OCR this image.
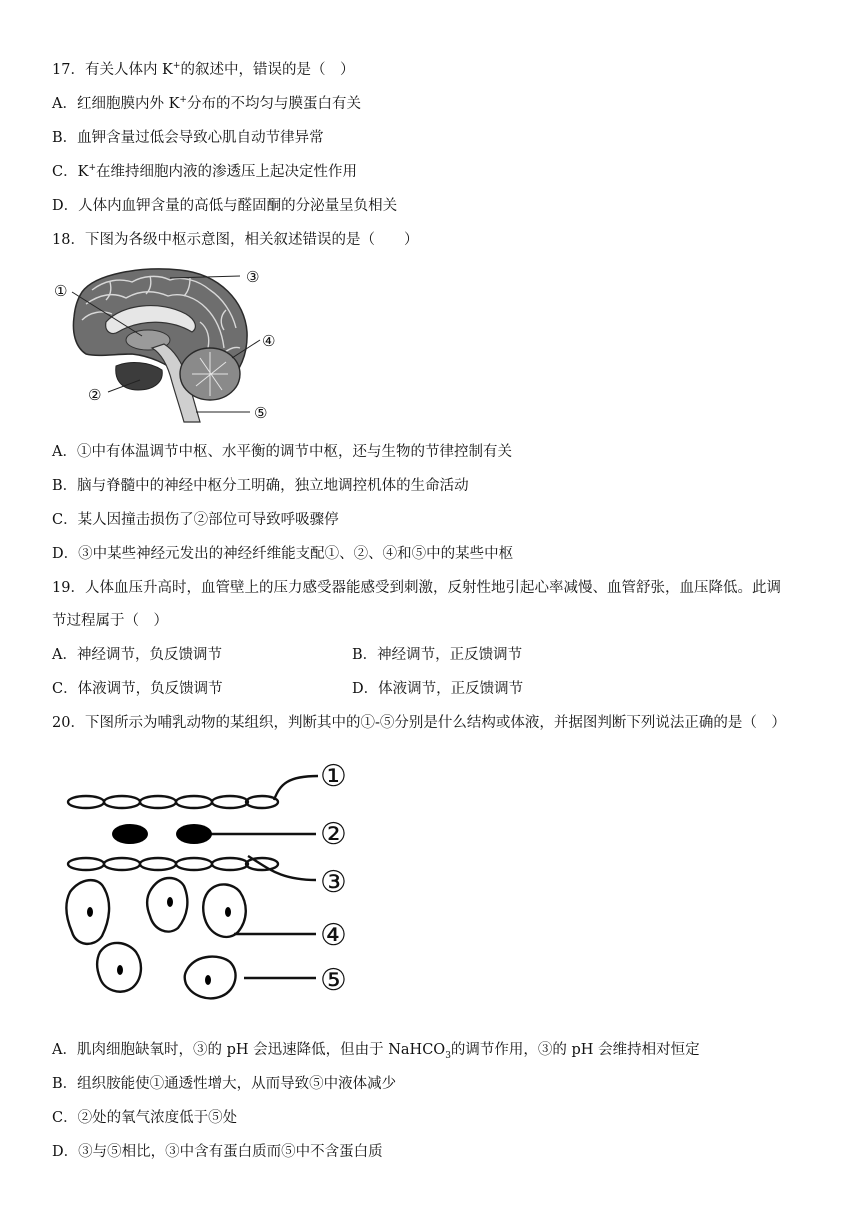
17．有关人体内 K+的叙述中，错误的是（　）
A．红细胞膜内外 K+分布的不均匀与膜蛋白有关
B．血钾含量过低会导致心肌自动节律异常
C．K+在维持细胞内液的渗透压上起决定性作用
D．人体内血钾含量的高低与醛固酮的分泌量呈负相关
18．下图为各级中枢示意图，相关叙述错误的是（　　）
①
②
③
④
⑤
A．①中有体温调节中枢、水平衡的调节中枢，还与生物的节律控制有关
B．脑与脊髓中的神经中枢分工明确，独立地调控机体的生命活动
C．某人因撞击损伤了②部位可导致呼吸骤停
D．③中某些神经元发出的神经纤维能支配①、②、④和⑤中的某些中枢
19．人体血压升高时，血管壁上的压力感受器能感受到刺激，反射性地引起心率减慢、血管舒张，血压降低。此调
节过程属于（　）
A．神经调节，负反馈调节	B．神经调节，正反馈调节
C．体液调节，负反馈调节	D．体液调节，正反馈调节
20．下图所示为哺乳动物的某组织，判断其中的①-⑤分别是什么结构或体液，并据图判断下列说法正确的是（　）
①
②
③
④
⑤
A．肌肉细胞缺氧时，③的 pH 会迅速降低，但由于 NaHCO$_3$的调节作用，③的 pH 会维持相对恒定
B．组织胺能使①通透性增大，从而导致⑤中液体减少
C．②处的氧气浓度低于⑤处
D．③与⑤相比，③中含有蛋白质而⑤中不含蛋白质
